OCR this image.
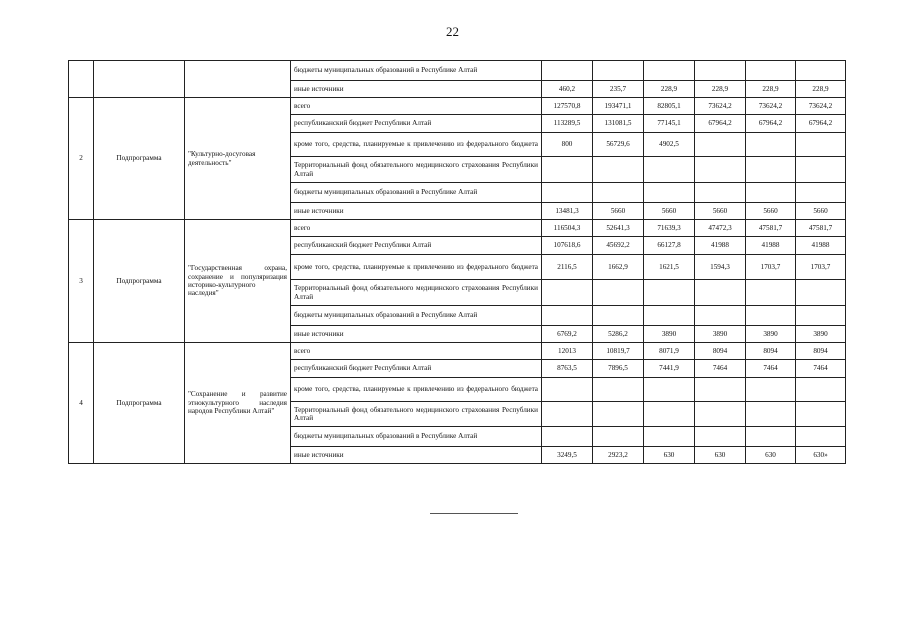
22
			бюджеты муниципальных образований в Республике Алтай						
			иные источники	460,2	235,7	228,9	228,9	228,9	228,9
2	Подпрограмма	"Культурно-досуговая деятельность"	всего	127570,8	193471,1	82805,1	73624,2	73624,2	73624,2
			республиканский бюджет Республики Алтай	113289,5	131081,5	77145,1	67964,2	67964,2	67964,2
			кроме того, средства, планируемые к привлечению из федерального бюджета	800	56729,6	4902,5			
			Территориальный фонд обязательного медицинского страхования Республики Алтай						
			бюджеты муниципальных образований в Республике Алтай						
			иные источники	13481,3	5660	5660	5660	5660	5660
3	Подпрограмма	"Государственная охрана, сохранение и популяризация историко-культурного наследия"	всего	116504,3	52641,3	71639,3	47472,3	47581,7	47581,7
			республиканский бюджет Республики Алтай	107618,6	45692,2	66127,8	41988	41988	41988
			кроме того, средства, планируемые к привлечению из федерального бюджета	2116,5	1662,9	1621,5	1594,3	1703,7	1703,7
			Территориальный фонд обязательного медицинского страхования Республики Алтай						
			бюджеты муниципальных образований в Республике Алтай						
			иные источники	6769,2	5286,2	3890	3890	3890	3890
4	Подпрограмма	"Сохранение и развитие этнокультурного наследия народов Республики Алтай"	всего	12013	10819,7	8071,9	8094	8094	8094
			республиканский бюджет Республики Алтай	8763,5	7896,5	7441,9	7464	7464	7464
			кроме того, средства, планируемые к привлечению из федерального бюджета						
			Территориальный фонд обязательного медицинского страхования Республики Алтай						
			бюджеты муниципальных образований в Республике Алтай						
			иные источники	3249,5	2923,2	630	630	630	630»
